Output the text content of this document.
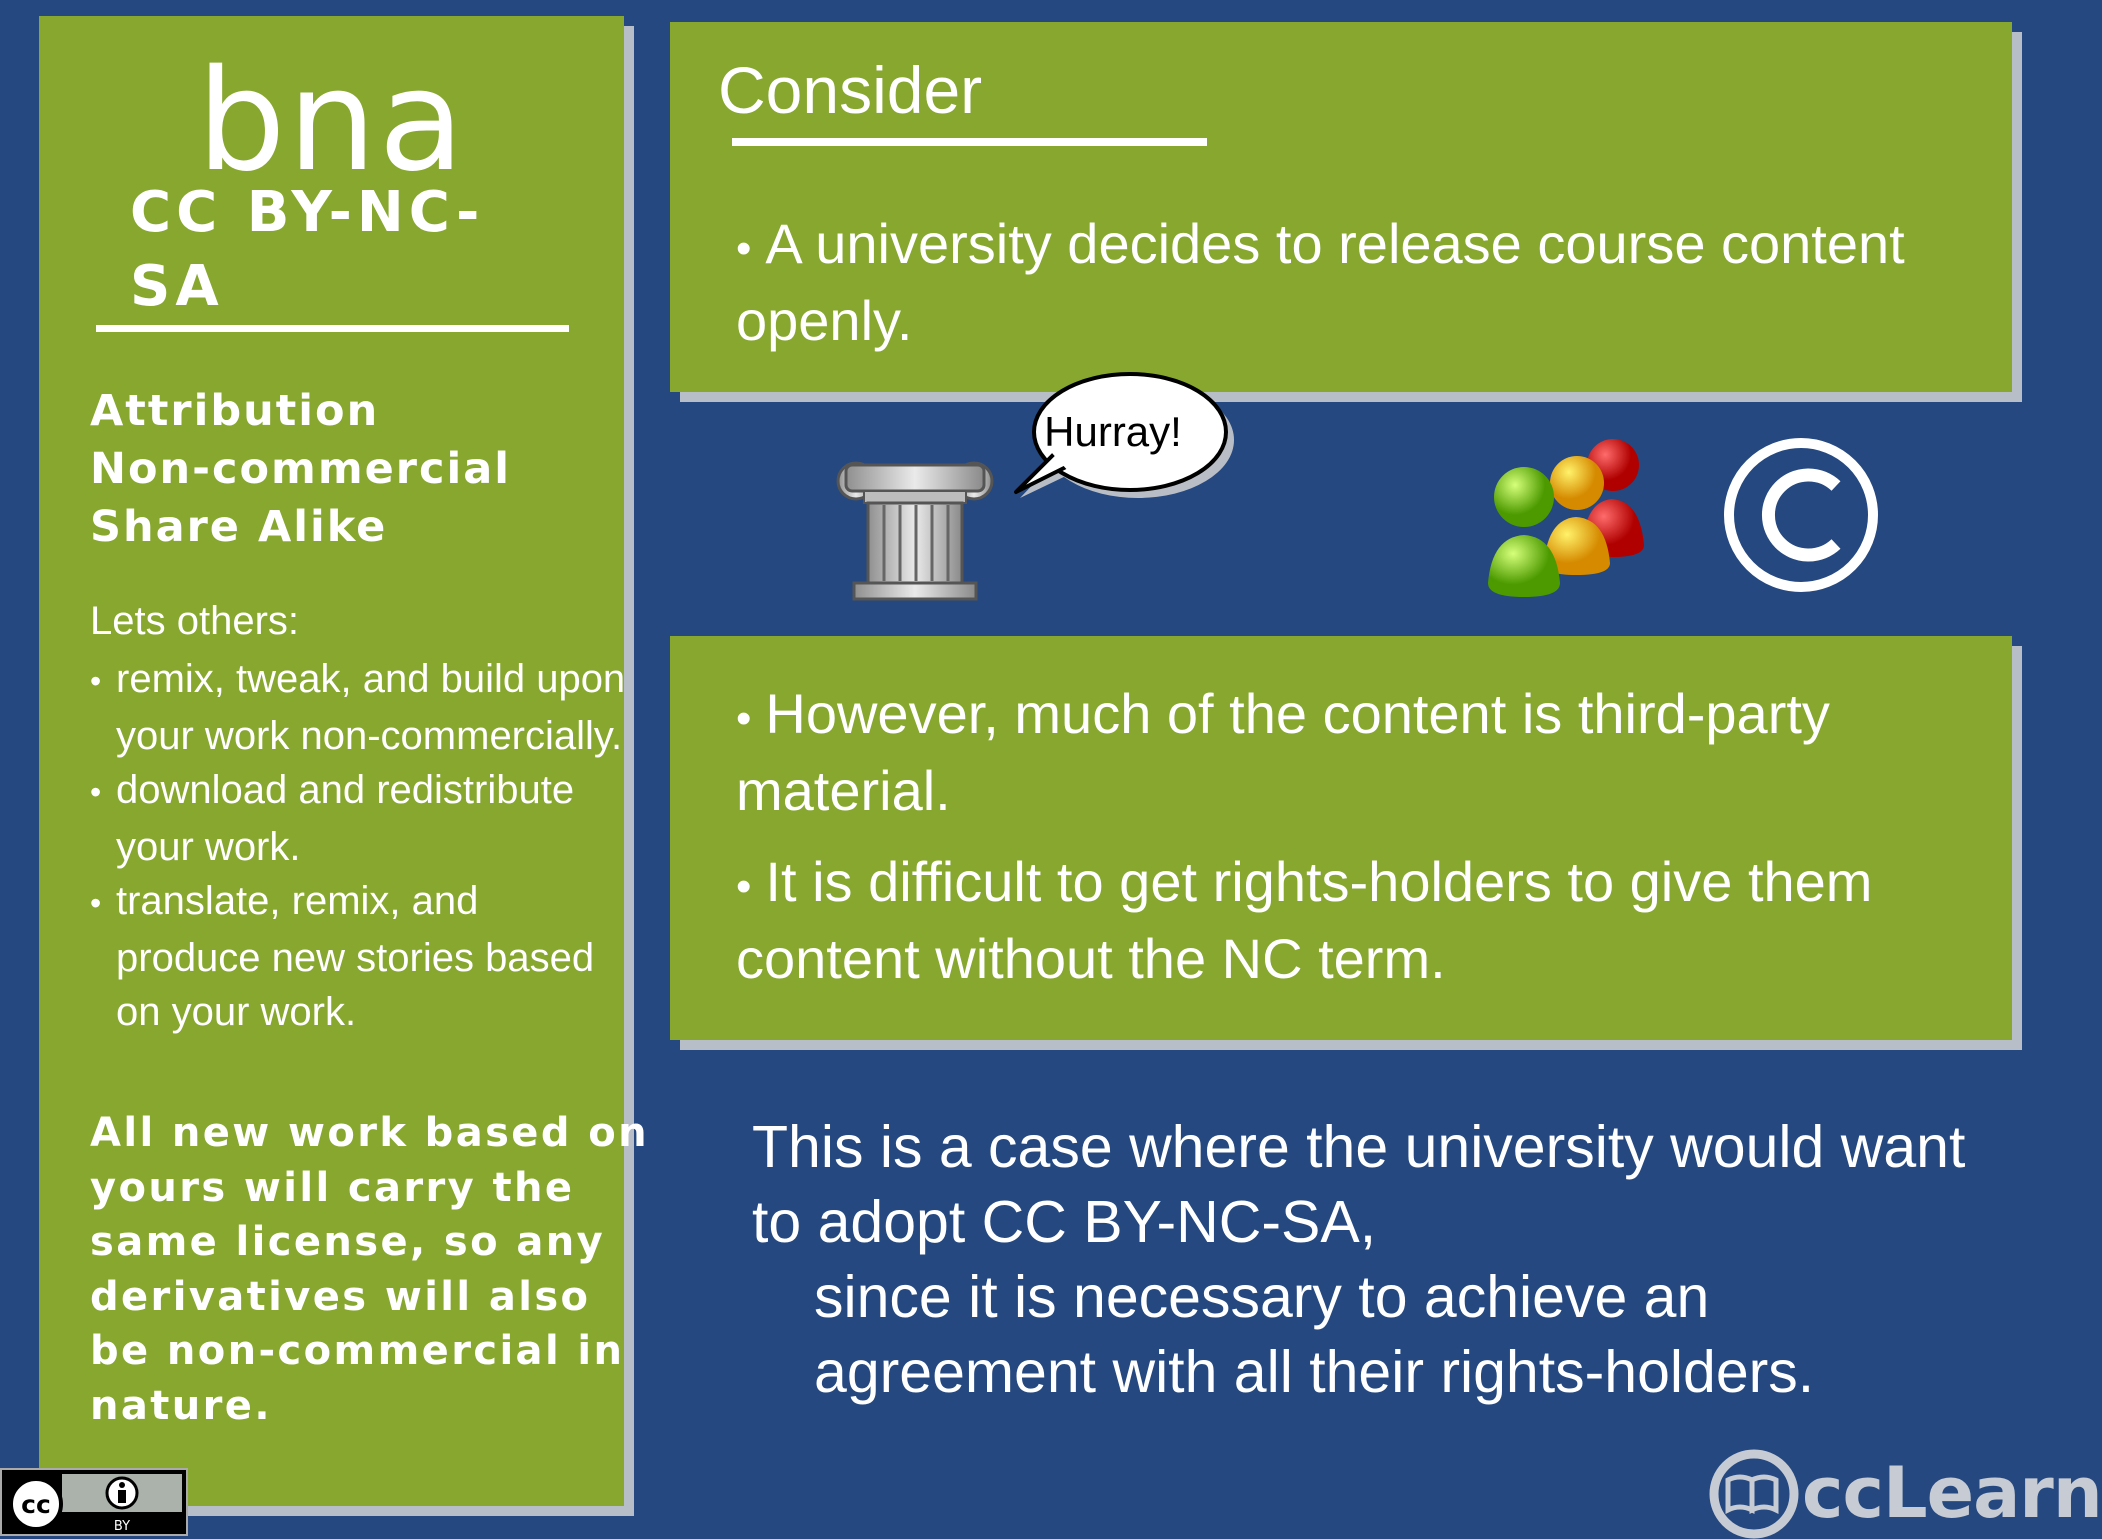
bna
CC BY-NC-
SA
Attribution
Non-commercial
Share Alike
Lets others:
• remix, tweak, and build upon your work non-commercially.
• download and redistribute your work.
• translate, remix, and produce new stories based on your work.
All new work based on yours will carry the same license, so any derivatives will also be non-commercial in nature.
cc
BY
Consider
• A university decides to release course content openly.
Hurray!
• However, much of the content is third-party material.
• It is difficult to get rights-holders to give them content without the NC term.
This is a case where the university would want to adopt CC BY-NC-SA,
since it is necessary to achieve an agreement with all their rights-holders.
ccLearn
